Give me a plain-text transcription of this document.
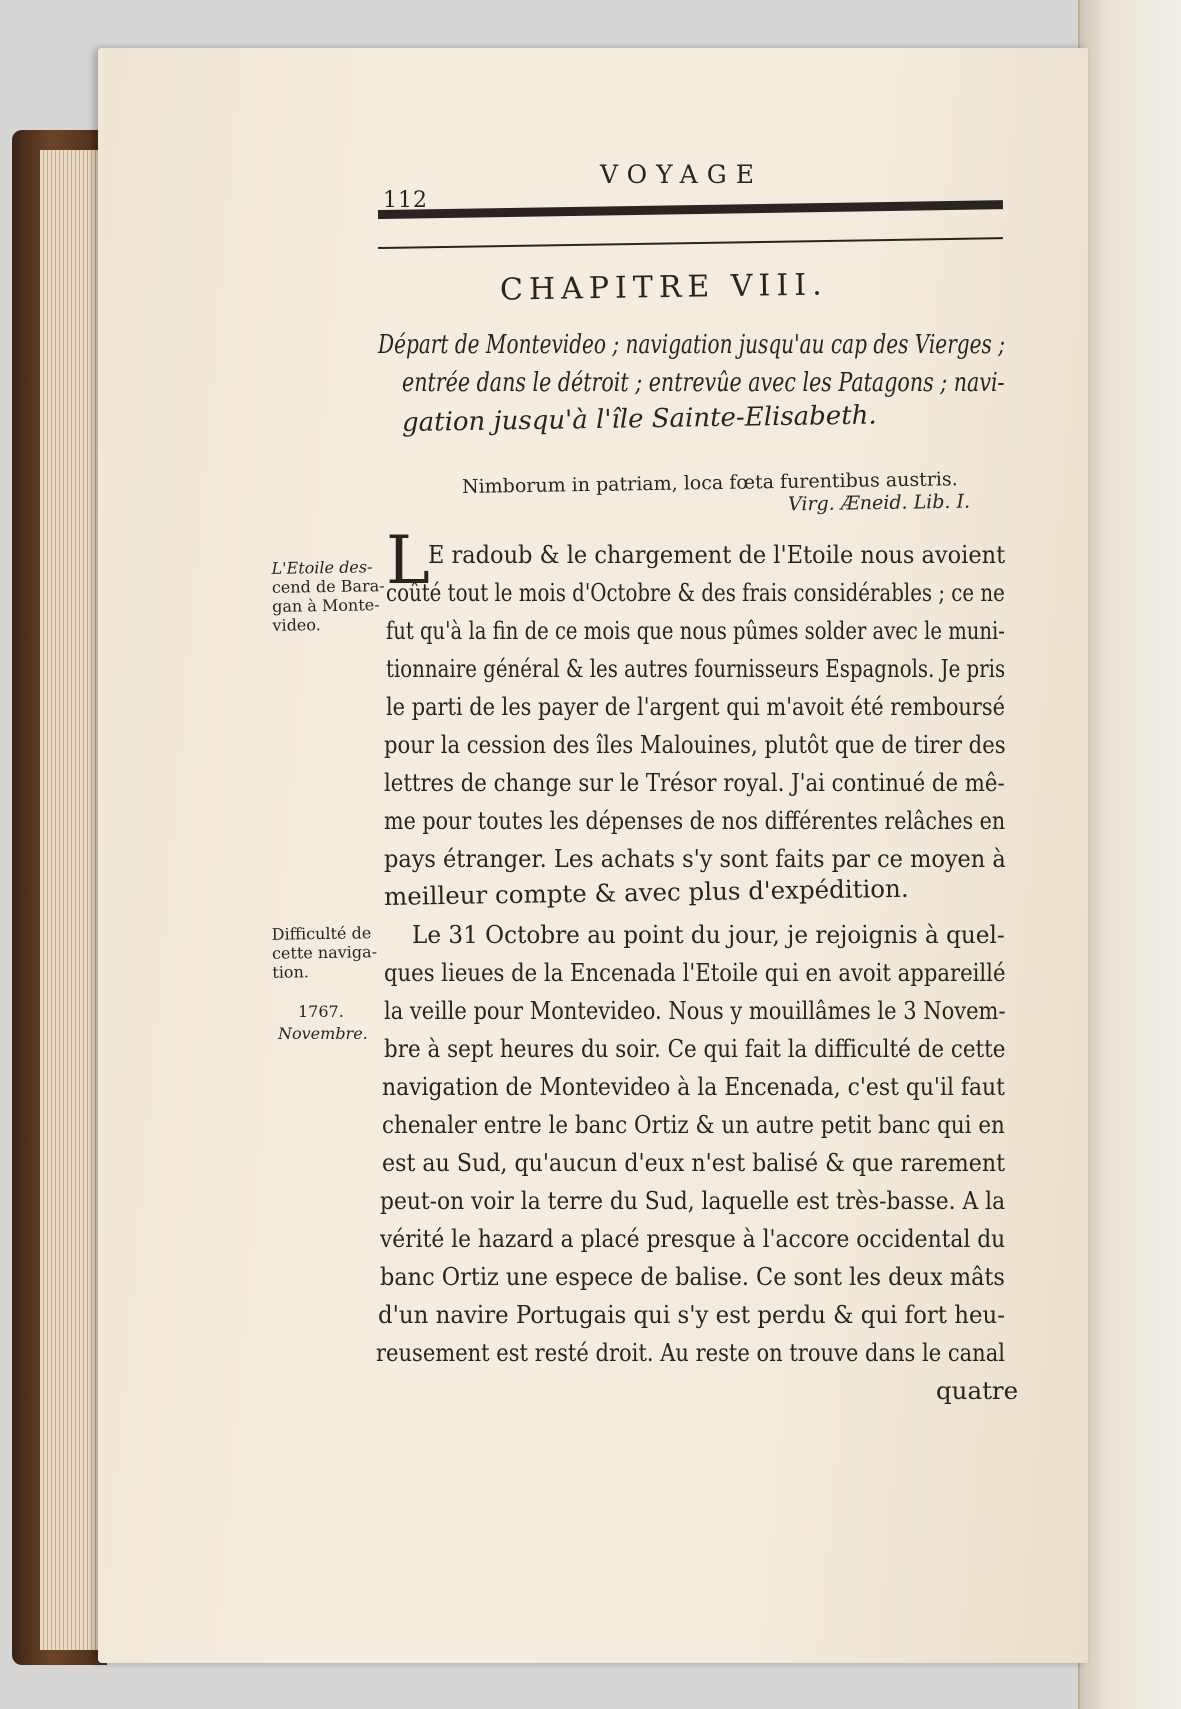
112
VOYAGE
CHAPITRE VIII.
Départ de Montevideo ; navigation jusqu'au cap des Vierges ;
entrée dans le détroit ; entrevûe avec les Patagons ; navi-
gation jusqu'à l'île Sainte-Elisabeth.
Nimborum in patriam, loca fœta furentibus austris.
Virg. Æneid. Lib. I.
L'Etoile des-
cend de Bara-
gan à Monte-
video.
Difficulté de
cette naviga-
tion.
1767.
Novembre.
L
E radoub & le chargement de l'Etoile nous avoient
coûté tout le mois d'Octobre & des frais considérables ; ce ne
fut qu'à la fin de ce mois que nous pûmes solder avec le muni-
tionnaire général & les autres fournisseurs Espagnols. Je pris
le parti de les payer de l'argent qui m'avoit été remboursé
pour la cession des îles Malouines, plutôt que de tirer des
lettres de change sur le Trésor royal. J'ai continué de mê-
me pour toutes les dépenses de nos différentes relâches en
pays étranger. Les achats s'y sont faits par ce moyen à
meilleur compte & avec plus d'expédition.
Le 31 Octobre au point du jour, je rejoignis à quel-
ques lieues de la Encenada l'Etoile qui en avoit appareillé
la veille pour Montevideo. Nous y mouillâmes le 3 Novem-
bre à sept heures du soir. Ce qui fait la difficulté de cette
navigation de Montevideo à la Encenada, c'est qu'il faut
chenaler entre le banc Ortiz & un autre petit banc qui en
est au Sud, qu'aucun d'eux n'est balisé & que rarement
peut-on voir la terre du Sud, laquelle est très-basse. A la
vérité le hazard a placé presque à l'accore occidental du
banc Ortiz une espece de balise. Ce sont les deux mâts
d'un navire Portugais qui s'y est perdu & qui fort heu-
reusement est resté droit. Au reste on trouve dans le canal
quatre
